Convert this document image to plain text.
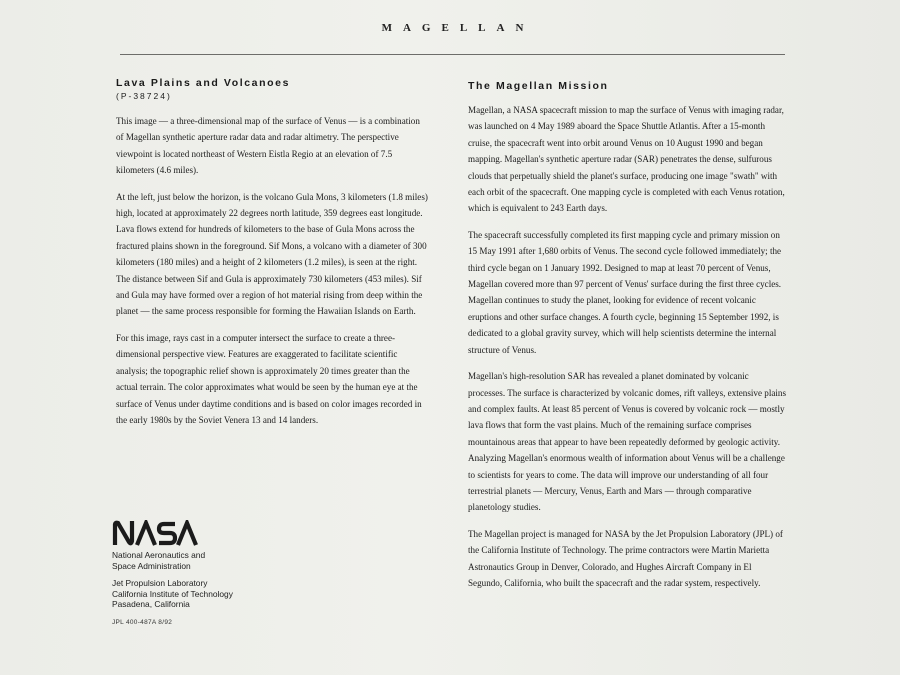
MAGELLAN

Lava Plains and Volcanoes

(P-38724)

This image — a three-dimensional map of the surface of Venus — is a combination of Magellan synthetic aperture radar data and radar altimetry. The perspective viewpoint is located northeast of Western Eistla Regio at an elevation of 7.5 kilometers (4.6 miles).

At the left, just below the horizon, is the volcano Gula Mons, 3 kilometers (1.8 miles) high, located at approximately 22 degrees north latitude, 359 degrees east longitude. Lava flows extend for hundreds of kilometers to the base of Gula Mons across the fractured plains shown in the foreground. Sif Mons, a volcano with a diameter of 300 kilometers (180 miles) and a height of 2 kilometers (1.2 miles), is seen at the right. The distance between Sif and Gula is approximately 730 kilometers (453 miles). Sif and Gula may have formed over a region of hot material rising from deep within the planet — the same process responsible for forming the Hawaiian Islands on Earth.

For this image, rays cast in a computer intersect the surface to create a three-dimensional perspective view. Features are exaggerated to facilitate scientific analysis; the topographic relief shown is approximately 20 times greater than the actual terrain. The color approximates what would be seen by the human eye at the surface of Venus under daytime conditions and is based on color images recorded in the early 1980s by the Soviet Venera 13 and 14 landers.

The Magellan Mission

Magellan, a NASA spacecraft mission to map the surface of Venus with imaging radar, was launched on 4 May 1989 aboard the Space Shuttle Atlantis. After a 15-month cruise, the spacecraft went into orbit around Venus on 10 August 1990 and began mapping. Magellan's synthetic aperture radar (SAR) penetrates the dense, sulfurous clouds that perpetually shield the planet's surface, producing one image "swath" with each orbit of the spacecraft. One mapping cycle is completed with each Venus rotation, which is equivalent to 243 Earth days.

The spacecraft successfully completed its first mapping cycle and primary mission on 15 May 1991 after 1,680 orbits of Venus. The second cycle followed immediately; the third cycle began on 1 January 1992. Designed to map at least 70 percent of Venus, Magellan covered more than 97 percent of Venus' surface during the first three cycles. Magellan continues to study the planet, looking for evidence of recent volcanic eruptions and other surface changes. A fourth cycle, beginning 15 September 1992, is dedicated to a global gravity survey, which will help scientists determine the internal structure of Venus.

Magellan's high-resolution SAR has revealed a planet dominated by volcanic processes. The surface is characterized by volcanic domes, rift valleys, extensive plains and complex faults. At least 85 percent of Venus is covered by volcanic rock — mostly lava flows that form the vast plains. Much of the remaining surface comprises mountainous areas that appear to have been repeatedly deformed by geologic activity. Analyzing Magellan's enormous wealth of information about Venus will be a challenge to scientists for years to come. The data will improve our understanding of all four terrestrial planets — Mercury, Venus, Earth and Mars — through comparative planetology studies.

The Magellan project is managed for NASA by the Jet Propulsion Laboratory (JPL) of the California Institute of Technology. The prime contractors were Martin Marietta Astronautics Group in Denver, Colorado, and Hughes Aircraft Company in El Segundo, California, who built the spacecraft and the radar system, respectively.

National Aeronautics and

Space Administration

Jet Propulsion Laboratory

California Institute of Technology

Pasadena, California

JPL 400-487A 8/92
